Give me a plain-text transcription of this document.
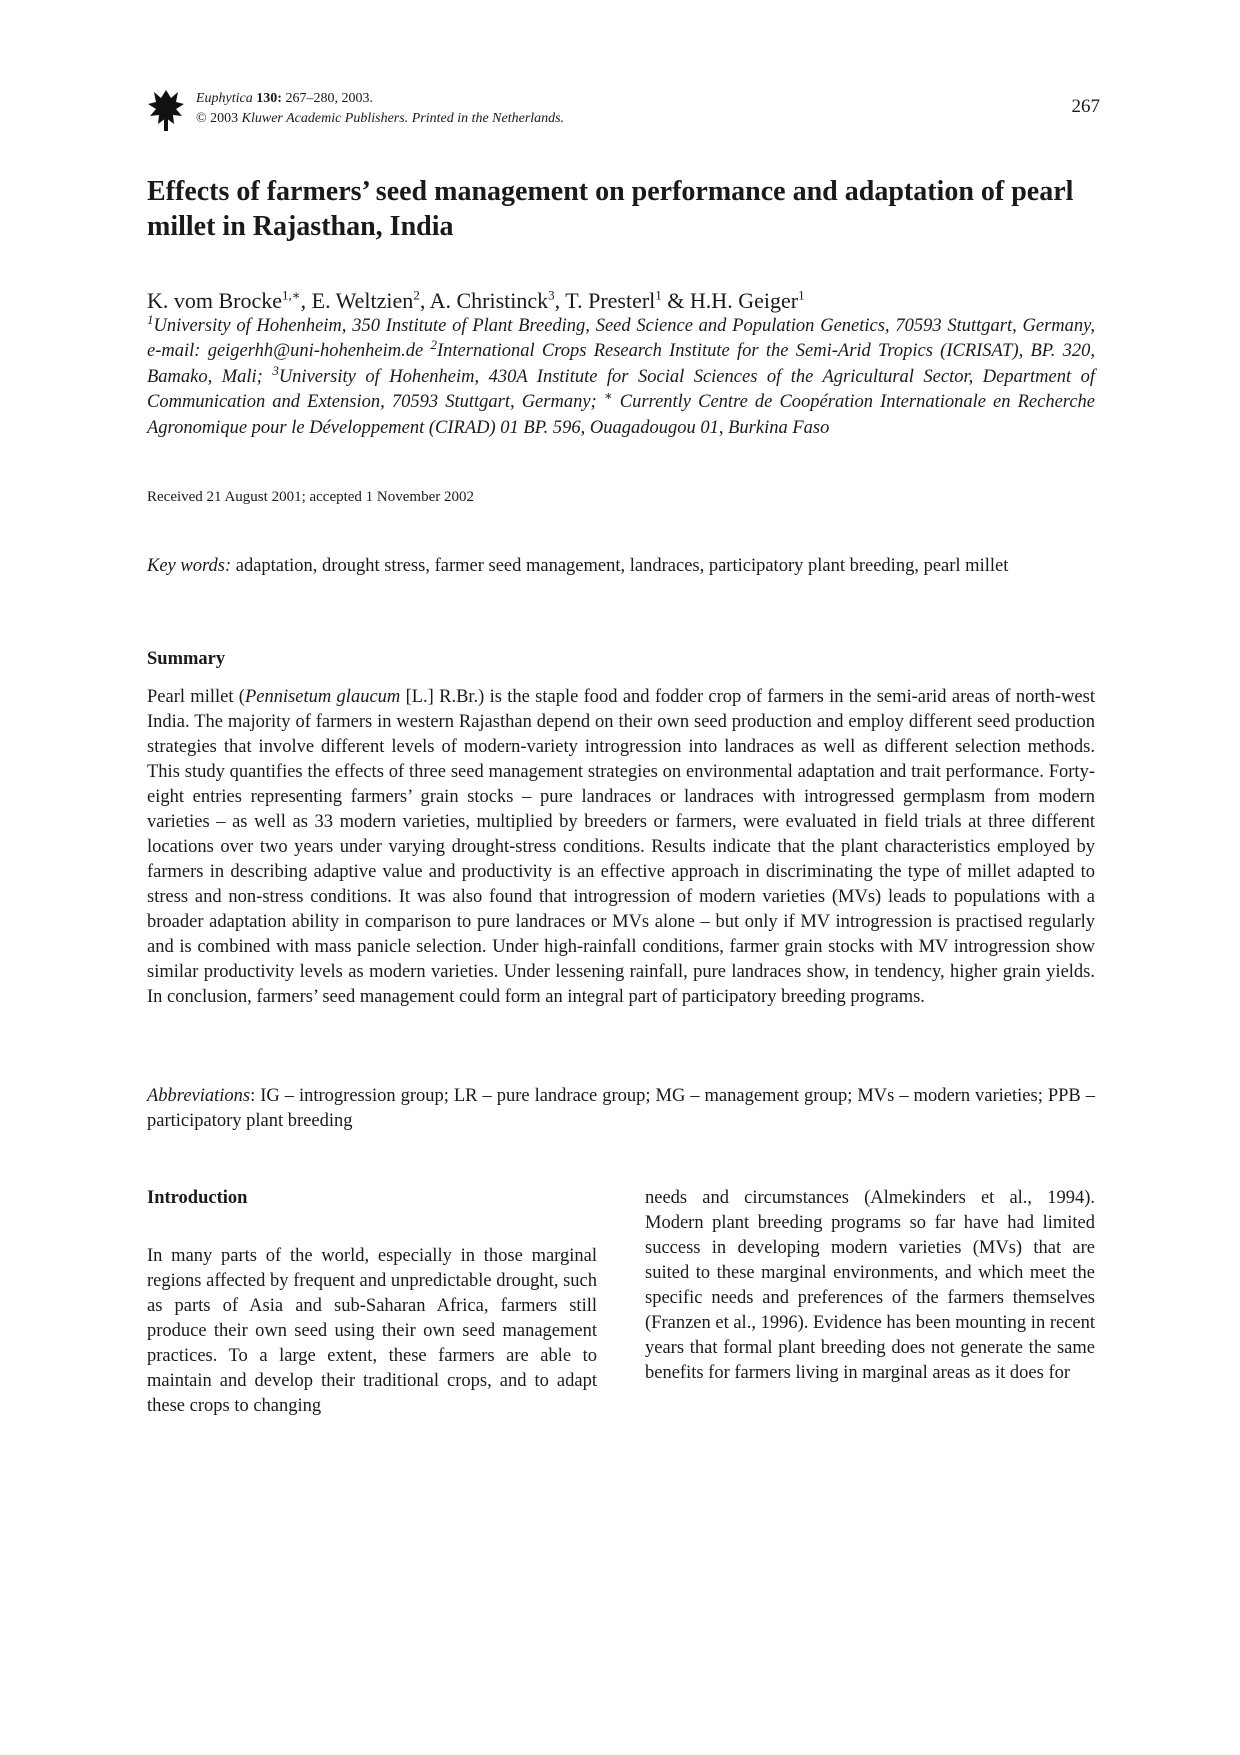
Euphytica 130: 267–280, 2003.
© 2003 Kluwer Academic Publishers. Printed in the Netherlands.
267
Effects of farmers’ seed management on performance and adaptation of pearl millet in Rajasthan, India
K. vom Brocke$^{1,∗}$, E. Weltzien$^2$, A. Christinck$^3$, T. Presterl$^1$ & H.H. Geiger$^1$
$^1$University of Hohenheim, 350 Institute of Plant Breeding, Seed Science and Population Genetics, 70593 Stuttgart, Germany, e-mail: geigerhh@uni-hohenheim.de $^2$International Crops Research Institute for the Semi-Arid Tropics (ICRISAT), BP. 320, Bamako, Mali; $^3$University of Hohenheim, 430A Institute for Social Sciences of the Agricultural Sector, Department of Communication and Extension, 70593 Stuttgart, Germany; ∗ Currently Centre de Coopération Internationale en Recherche Agronomique pour le Développement (CIRAD) 01 BP. 596, Ouagadougou 01, Burkina Faso
Received 21 August 2001; accepted 1 November 2002
Key words: adaptation, drought stress, farmer seed management, landraces, participatory plant breeding, pearl millet
Summary
Pearl millet (Pennisetum glaucum [L.] R.Br.) is the staple food and fodder crop of farmers in the semi-arid areas of north-west India. The majority of farmers in western Rajasthan depend on their own seed production and employ different seed production strategies that involve different levels of modern-variety introgression into landraces as well as different selection methods. This study quantifies the effects of three seed management strategies on environmental adaptation and trait performance. Forty-eight entries representing farmers’ grain stocks – pure landraces or landraces with introgressed germplasm from modern varieties – as well as 33 modern varieties, multiplied by breeders or farmers, were evaluated in field trials at three different locations over two years under varying drought-stress conditions. Results indicate that the plant characteristics employed by farmers in describing adaptive value and productivity is an effective approach in discriminating the type of millet adapted to stress and non-stress conditions. It was also found that introgression of modern varieties (MVs) leads to populations with a broader adaptation ability in comparison to pure landraces or MVs alone – but only if MV introgression is practised regularly and is combined with mass panicle selection. Under high-rainfall conditions, farmer grain stocks with MV introgression show similar productivity levels as modern varieties. Under lessening rainfall, pure landraces show, in tendency, higher grain yields. In conclusion, farmers’ seed management could form an integral part of participatory breeding programs.
Abbreviations: IG – introgression group; LR – pure landrace group; MG – management group; MVs – modern varieties; PPB – participatory plant breeding
Introduction
In many parts of the world, especially in those marginal regions affected by frequent and unpredictable drought, such as parts of Asia and sub-Saharan Africa, farmers still produce their own seed using their own seed management practices. To a large extent, these farmers are able to maintain and develop their traditional crops, and to adapt these crops to changing
needs and circumstances (Almekinders et al., 1994). Modern plant breeding programs so far have had limited success in developing modern varieties (MVs) that are suited to these marginal environments, and which meet the specific needs and preferences of the farmers themselves (Franzen et al., 1996). Evidence has been mounting in recent years that formal plant breeding does not generate the same benefits for farmers living in marginal areas as it does for
